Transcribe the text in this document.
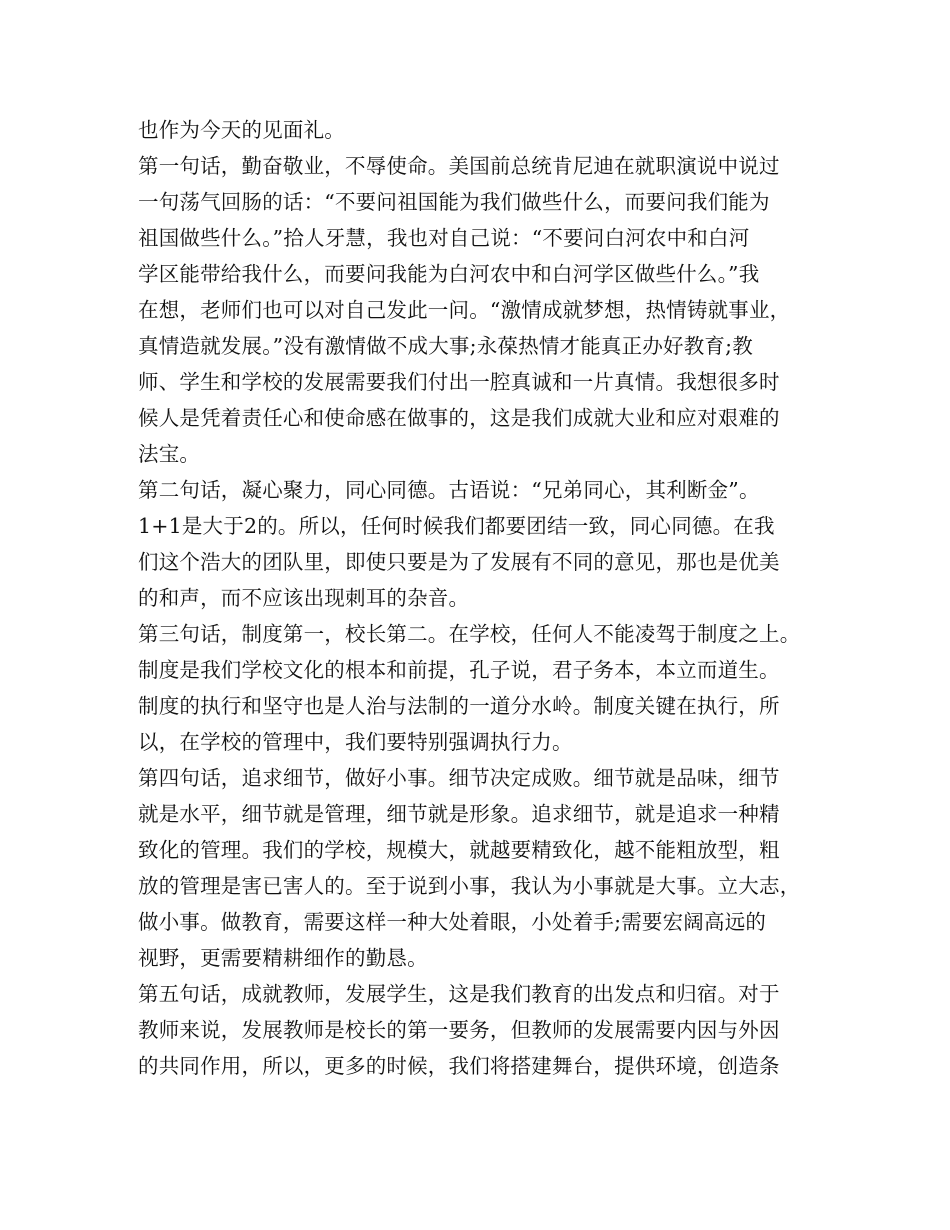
也作为今天的见面礼。
第一句话，勤奋敬业，不辱使命。美国前总统肯尼迪在就职演说中说过
一句荡气回肠的话：“不要问祖国能为我们做些什么，而要问我们能为
祖国做些什么。”拾人牙慧，我也对自己说：“不要问白河农中和白河
学区能带给我什么，而要问我能为白河农中和白河学区做些什么。”我
在想，老师们也可以对自己发此一问。“激情成就梦想，热情铸就事业，
真情造就发展。”没有激情做不成大事;永葆热情才能真正办好教育;教
师、学生和学校的发展需要我们付出一腔真诚和一片真情。我想很多时
候人是凭着责任心和使命感在做事的，这是我们成就大业和应对艰难的
法宝。
第二句话，凝心聚力，同心同德。古语说：“兄弟同心，其利断金”。
1+1是大于2的。所以，任何时候我们都要团结一致，同心同德。在我
们这个浩大的团队里，即使只要是为了发展有不同的意见，那也是优美
的和声，而不应该出现刺耳的杂音。
第三句话，制度第一，校长第二。在学校，任何人不能凌驾于制度之上。
制度是我们学校文化的根本和前提，孔子说，君子务本，本立而道生。
制度的执行和坚守也是人治与法制的一道分水岭。制度关键在执行，所
以，在学校的管理中，我们要特别强调执行力。
第四句话，追求细节，做好小事。细节决定成败。细节就是品味，细节
就是水平，细节就是管理，细节就是形象。追求细节，就是追求一种精
致化的管理。我们的学校，规模大，就越要精致化，越不能粗放型，粗
放的管理是害已害人的。至于说到小事，我认为小事就是大事。立大志，
做小事。做教育，需要这样一种大处着眼，小处着手;需要宏阔高远的
视野，更需要精耕细作的勤恳。
第五句话，成就教师，发展学生，这是我们教育的出发点和归宿。对于
教师来说，发展教师是校长的第一要务，但教师的发展需要内因与外因
的共同作用，所以，更多的时候，我们将搭建舞台，提供环境，创造条
